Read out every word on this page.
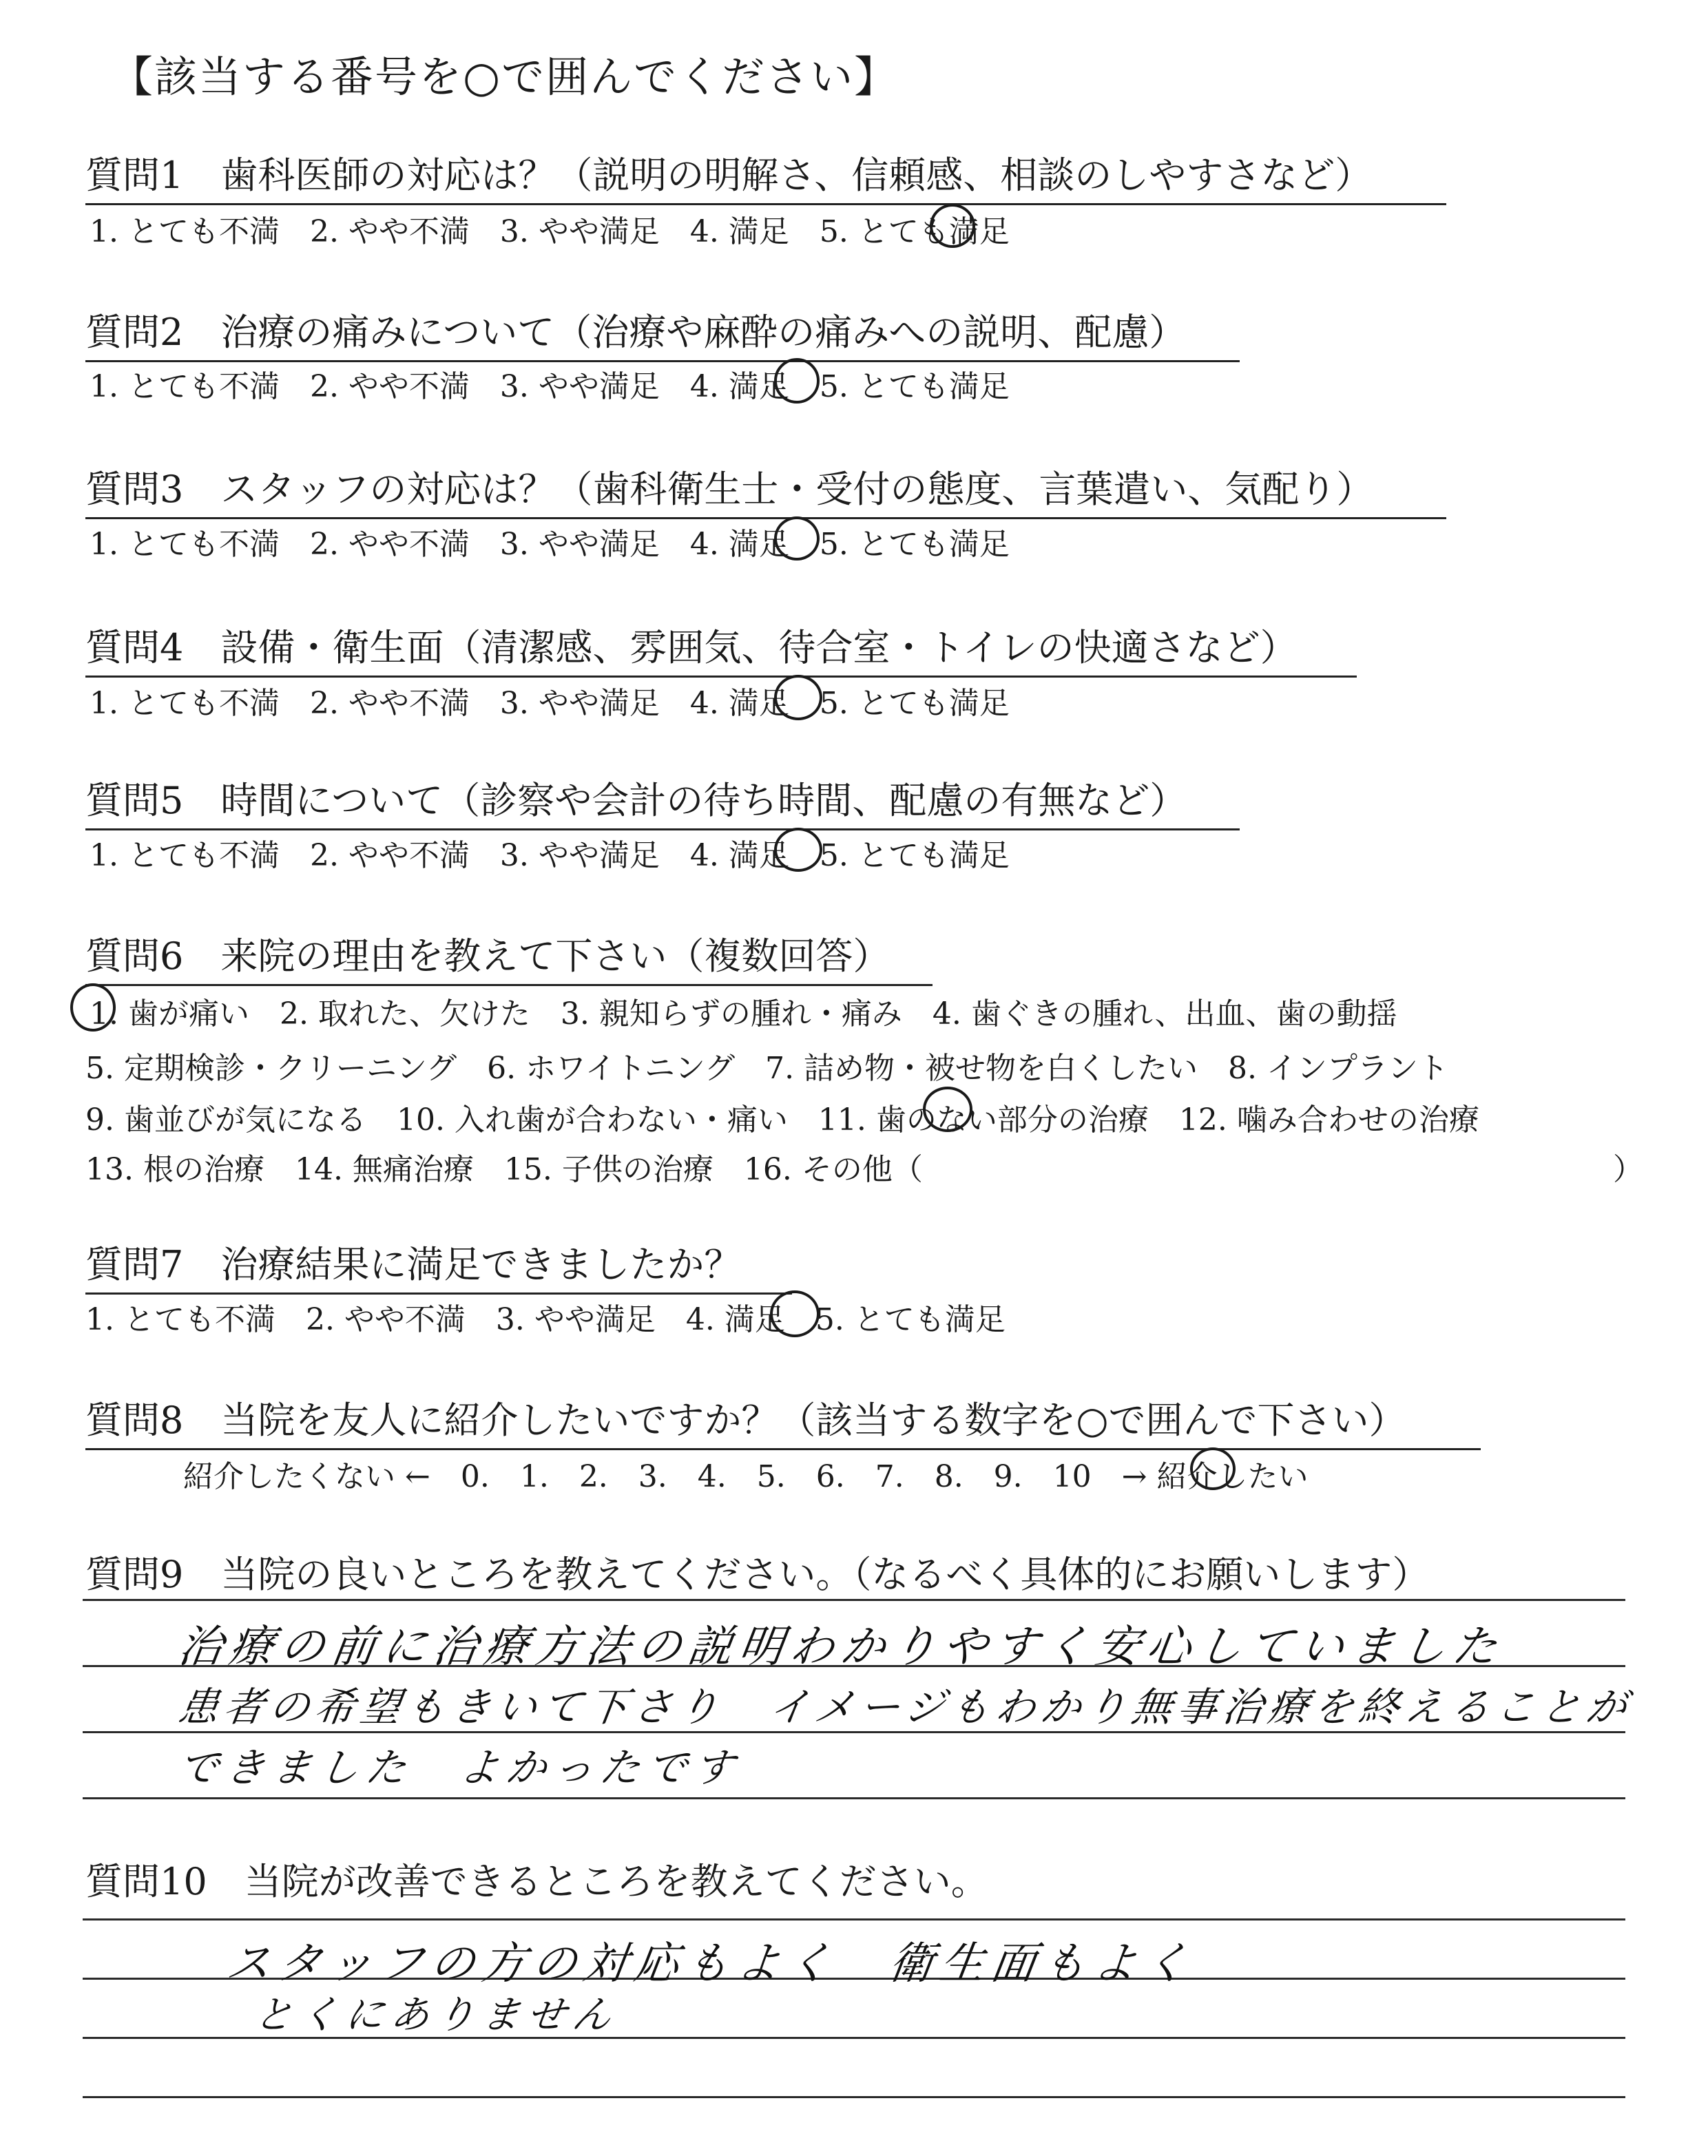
【該当する番号を○で囲んでください】
質問1　歯科医師の対応は？（説明の明解さ、信頼感、相談のしやすさなど）
1. とても不満　2. やや不満　3. やや満足　4. 満足　5. とても満足
質問2　治療の痛みについて（治療や麻酔の痛みへの説明、配慮）
1. とても不満　2. やや不満　3. やや満足　4. 満足　5. とても満足
質問3　スタッフの対応は？（歯科衛生士・受付の態度、言葉遣い、気配り）
1. とても不満　2. やや不満　3. やや満足　4. 満足　5. とても満足
質問4　設備・衛生面（清潔感、雰囲気、待合室・トイレの快適さなど）
1. とても不満　2. やや不満　3. やや満足　4. 満足　5. とても満足
質問5　時間について（診察や会計の待ち時間、配慮の有無など）
1. とても不満　2. やや不満　3. やや満足　4. 満足　5. とても満足
質問6　来院の理由を教えて下さい（複数回答）
1. 歯が痛い　2. 取れた、欠けた　3. 親知らずの腫れ・痛み　4. 歯ぐきの腫れ、出血、歯の動揺
5. 定期検診・クリーニング　6. ホワイトニング　7. 詰め物・被せ物を白くしたい　8. インプラント
9. 歯並びが気になる　10. 入れ歯が合わない・痛い　11. 歯のない部分の治療　12. 噛み合わせの治療
13. 根の治療　14. 無痛治療　15. 子供の治療　16. その他（	）
質問7　治療結果に満足できましたか？
1. とても不満　2. やや不満　3. やや満足　4. 満足　5. とても満足
質問8　当院を友人に紹介したいですか？（該当する数字を○で囲んで下さい）
紹介したくない ←　0.　1.　2.　3.　4.　5.　6.　7.　8.　9.　10　→ 紹介したい
質問9　当院の良いところを教えてください。（なるべく具体的にお願いします）
治療の前に治療方法の説明わかりやすく安心していました
患者の希望もきいて下さり　イメージもわかり無事治療を終えることが
できました　よかったです
質問10　当院が改善できるところを教えてください。
スタッフの方の対応もよく　衛生面もよく
とくにありません
